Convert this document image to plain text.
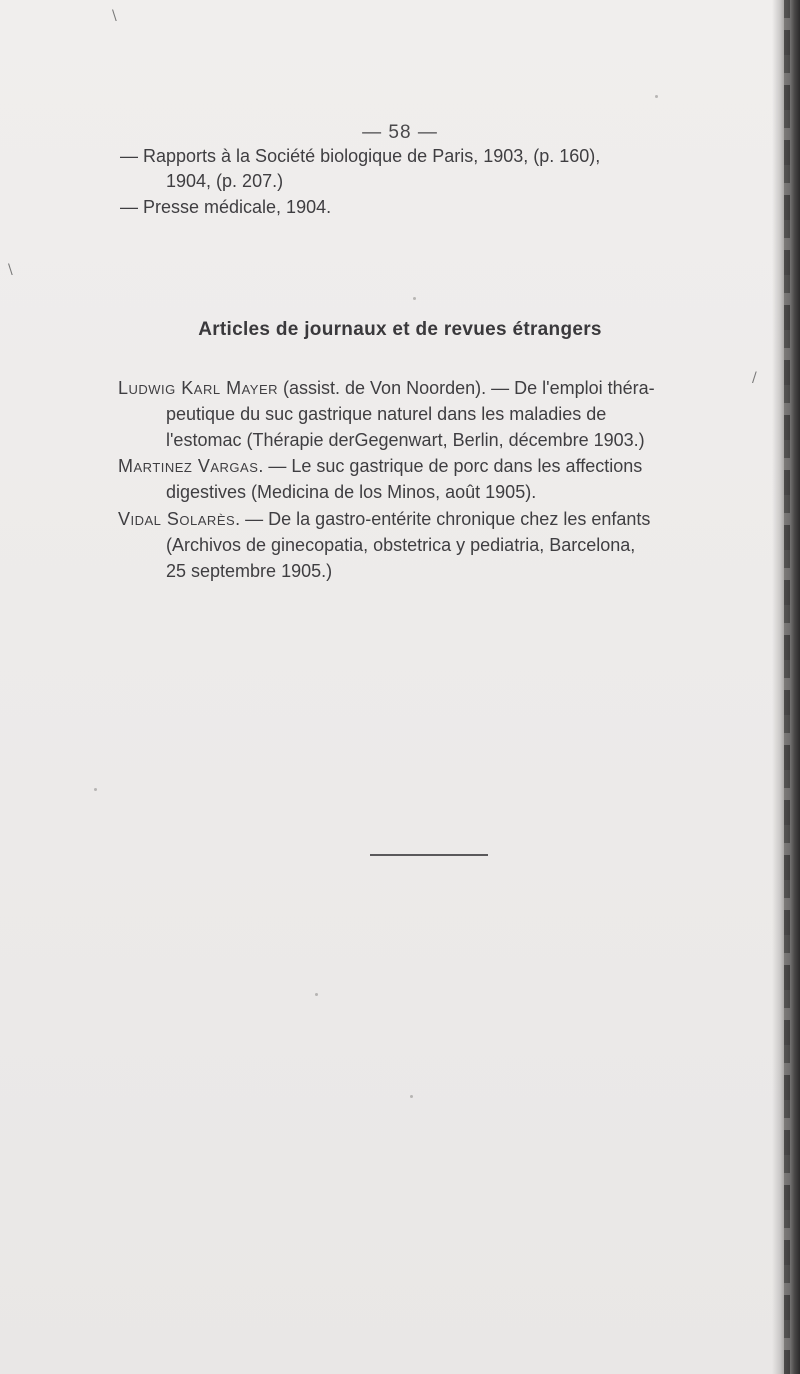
\
\
/
— 58 —
— Rapports à la Société biologique de Paris, 1903, (p. 160),
1904, (p. 207.)
— Presse médicale, 1904.
Articles de journaux et de revues étrangers
Ludwig Karl Mayer (assist. de Von Noorden). — De l'emploi théra-
peutique du suc gastrique naturel dans les maladies de
l'estomac (Thérapie derGegenwart, Berlin, décembre 1903.)
Martinez Vargas. — Le suc gastrique de porc dans les affections
digestives (Medicina de los Minos, août 1905).
Vidal Solarès. — De la gastro-entérite chronique chez les enfants
(Archivos de ginecopatia, obstetrica y pediatria, Barcelona,
25 septembre 1905.)
